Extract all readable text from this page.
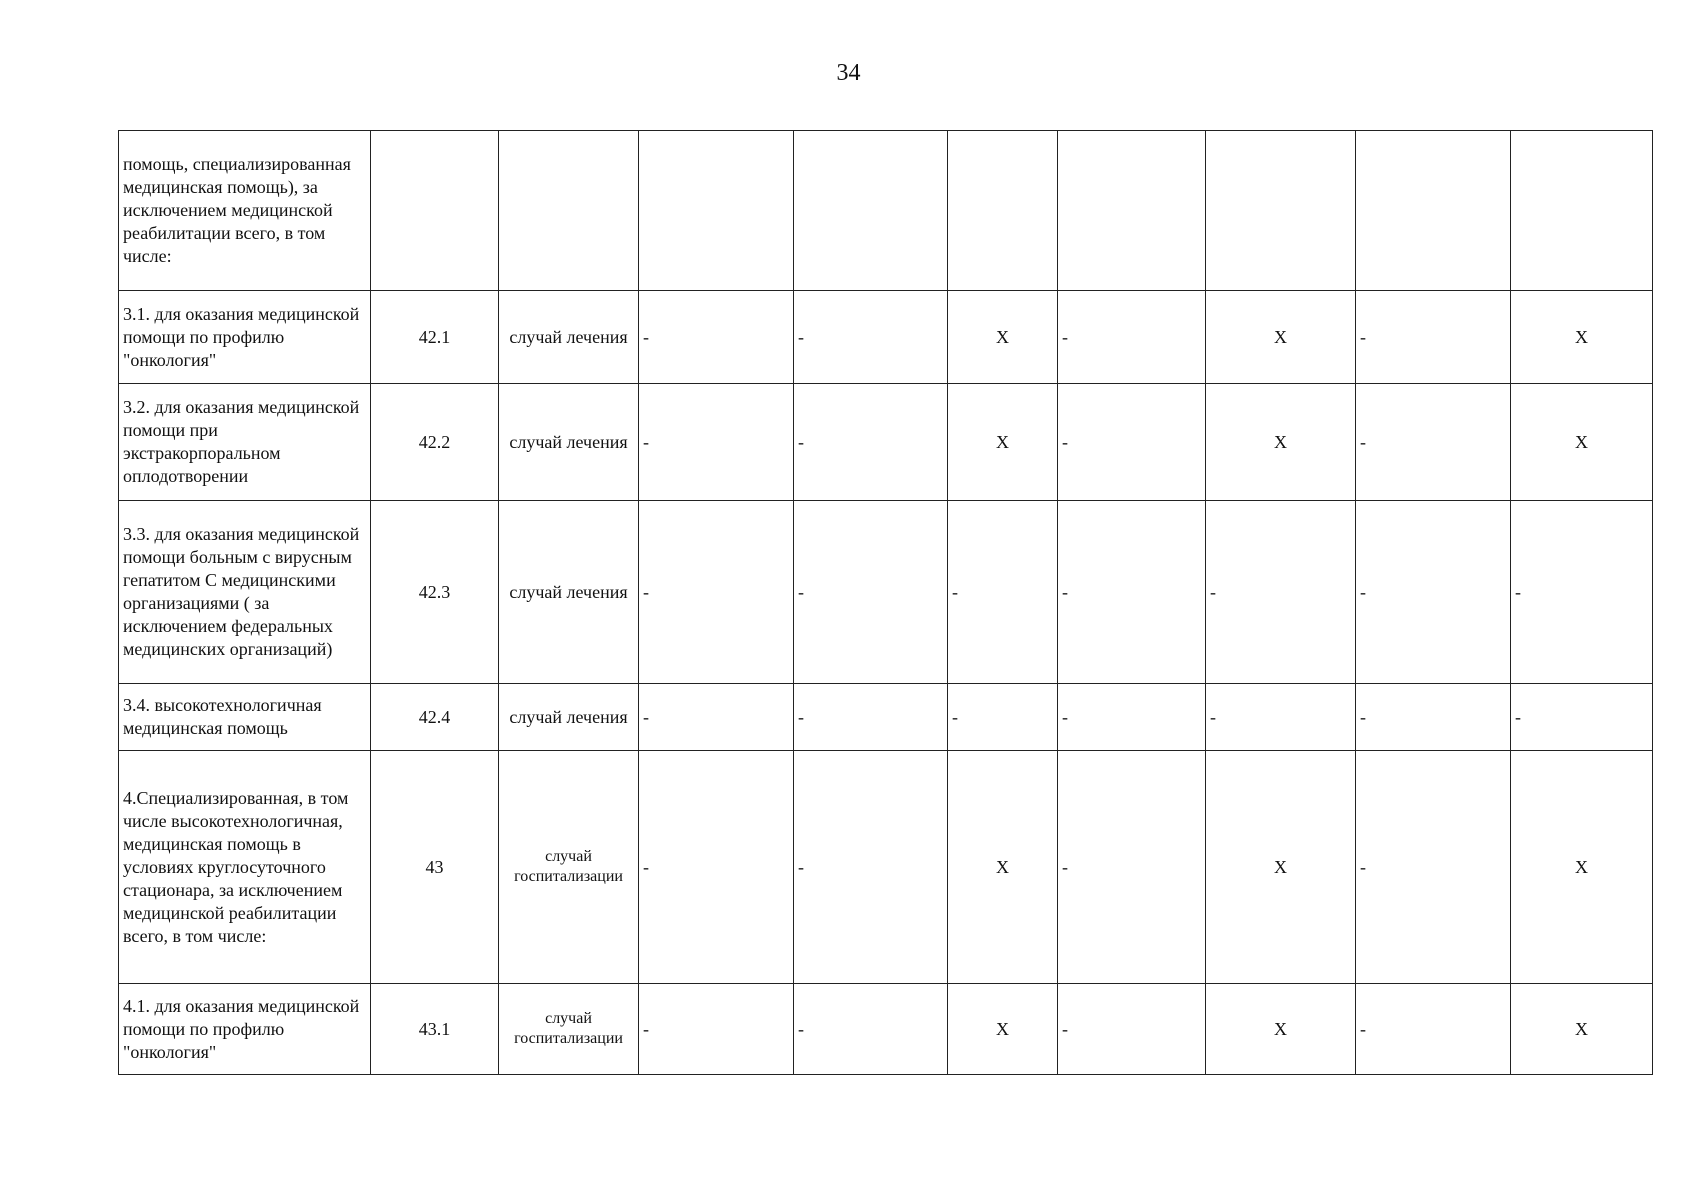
34
помощь, специализированная медицинская помощь), за исключением медицинской реабилитации всего, в том числе:									
3.1. для оказания медицинской помощи по профилю "онкология"	42.1	случай лечения	-	-	X	-	X	-	X
3.2. для оказания медицинской помощи при экстракорпоральном оплодотворении	42.2	случай лечения	-	-	X	-	X	-	X
3.3. для оказания медицинской помощи больным с вирусным гепатитом С медицинскими организациями ( за исключением федеральных медицинских организаций)	42.3	случай лечения	-	-	-	-	-	-	-
3.4. высокотехнологичная медицинская помощь	42.4	случай лечения	-	-	-	-	-	-	-
4.Специализированная, в том числе высокотехнологичная, медицинская помощь в условиях круглосуточного стационара, за исключением медицинской реабилитации всего, в том числе:	43	случай госпитализации	-	-	X	-	X	-	X
4.1. для оказания медицинской помощи по профилю "онкология"	43.1	случай госпитализации	-	-	X	-	X	-	X
